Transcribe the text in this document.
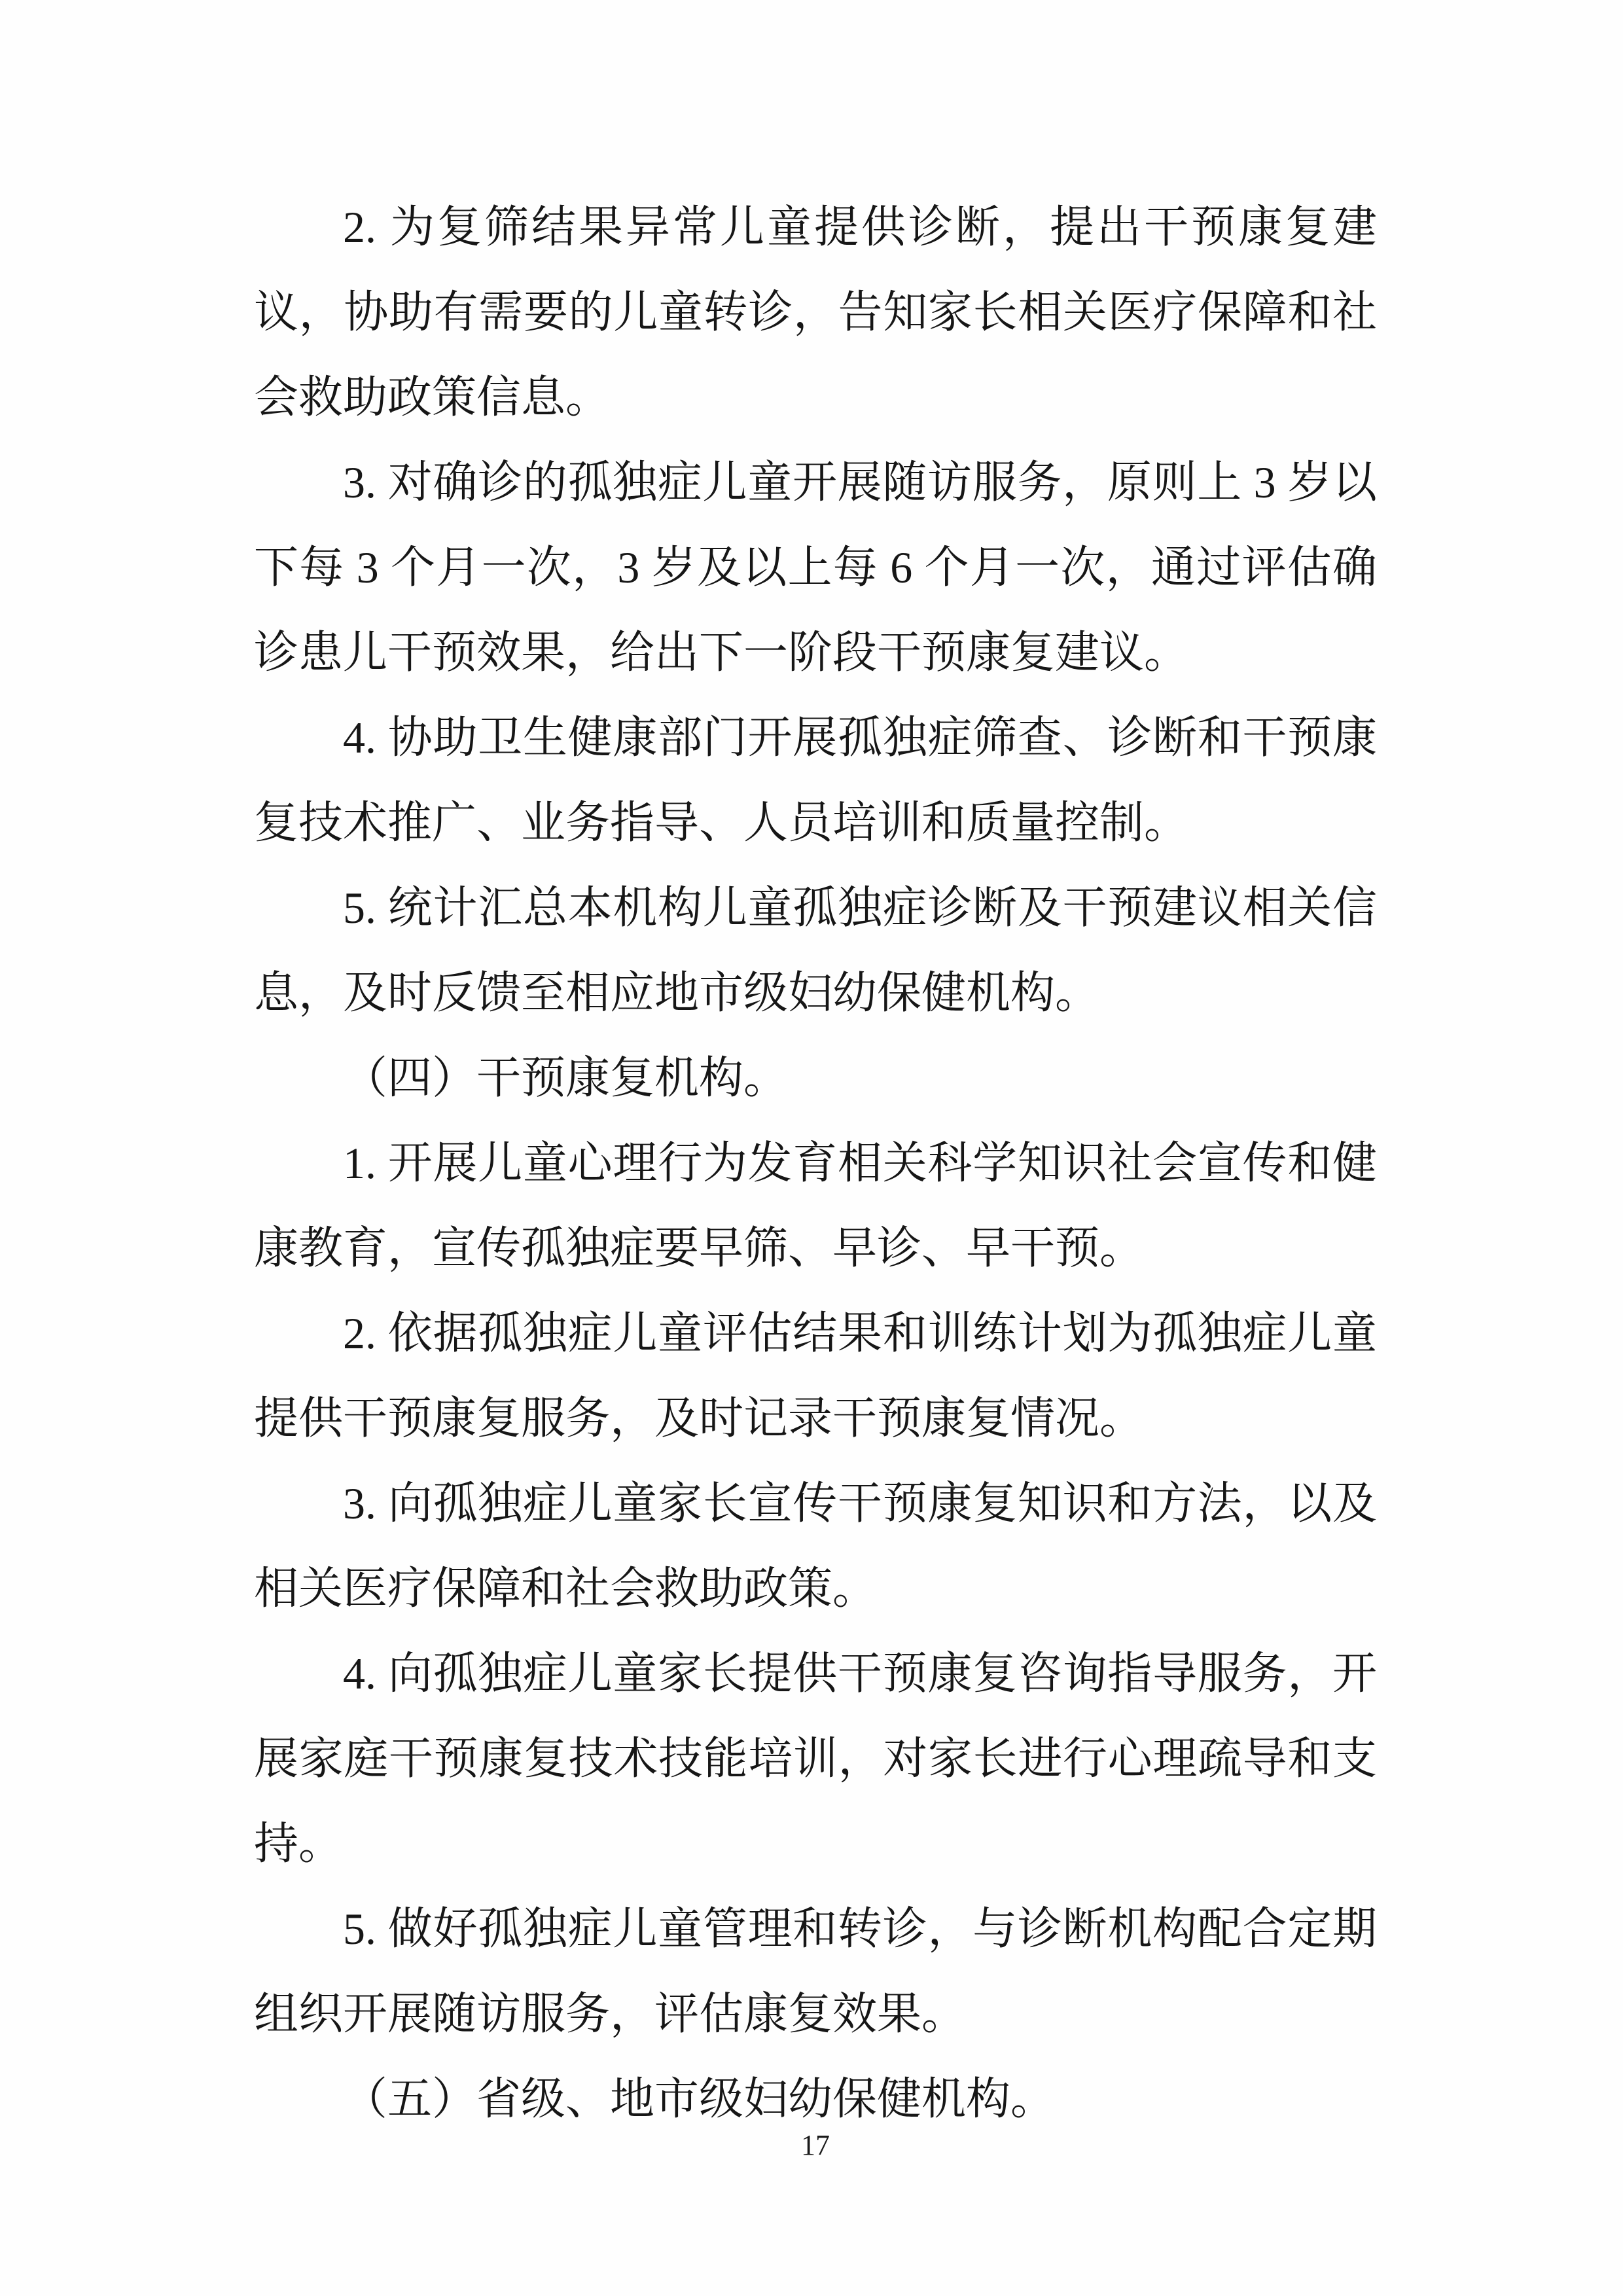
2. 为复筛结果异常儿童提供诊断，提出干预康复建议，协助有需要的儿童转诊，告知家长相关医疗保障和社会救助政策信息。

3. 对确诊的孤独症儿童开展随访服务，原则上 3 岁以下每 3 个月一次，3 岁及以上每 6 个月一次，通过评估确诊患儿干预效果，给出下一阶段干预康复建议。

4. 协助卫生健康部门开展孤独症筛查、诊断和干预康复技术推广、业务指导、人员培训和质量控制。

5. 统计汇总本机构儿童孤独症诊断及干预建议相关信息，及时反馈至相应地市级妇幼保健机构。

（四）干预康复机构。

1. 开展儿童心理行为发育相关科学知识社会宣传和健康教育，宣传孤独症要早筛、早诊、早干预。

2. 依据孤独症儿童评估结果和训练计划为孤独症儿童提供干预康复服务，及时记录干预康复情况。

3. 向孤独症儿童家长宣传干预康复知识和方法，以及相关医疗保障和社会救助政策。

4. 向孤独症儿童家长提供干预康复咨询指导服务，开展家庭干预康复技术技能培训，对家长进行心理疏导和支持。

5. 做好孤独症儿童管理和转诊，与诊断机构配合定期组织开展随访服务，评估康复效果。

（五）省级、地市级妇幼保健机构。

17
